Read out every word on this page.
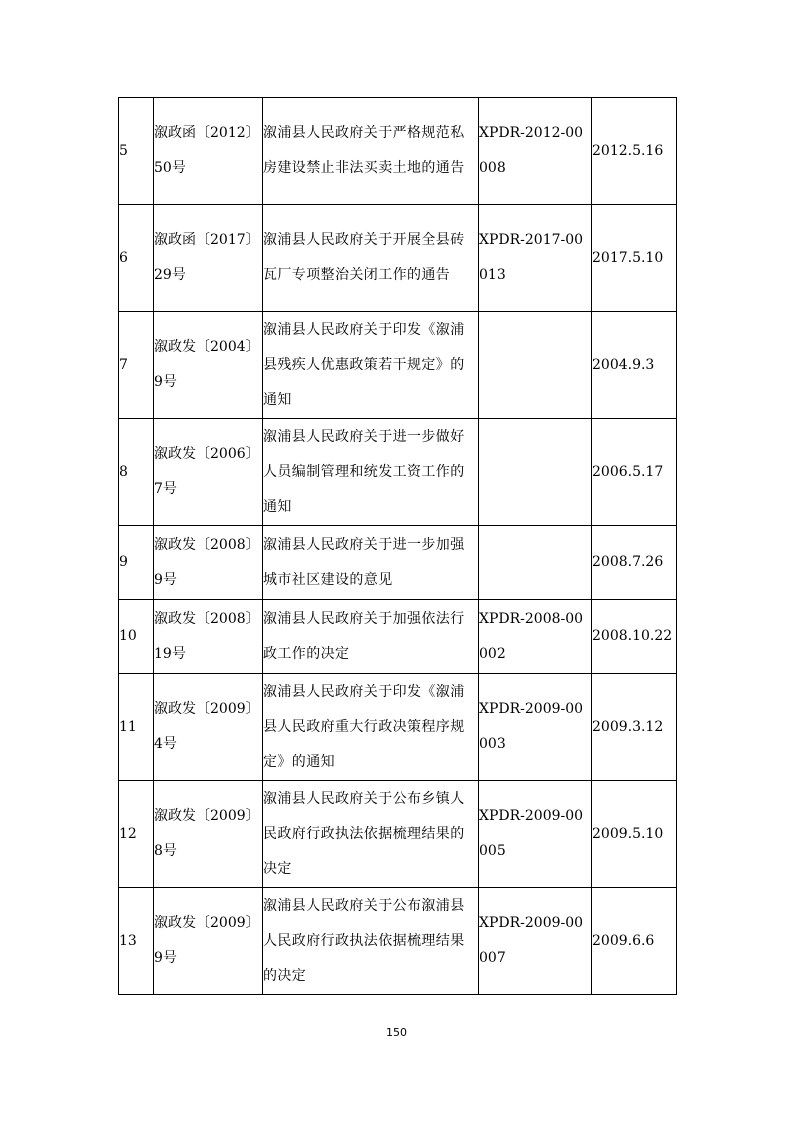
5	溆政函〔2012〕50号	溆浦县人民政府关于严格规范私房建设禁止非法买卖土地的通告	XPDR-2012-00008	2012.5.16
6	溆政函〔2017〕29号	溆浦县人民政府关于开展全县砖瓦厂专项整治关闭工作的通告	XPDR-2017-00013	2017.5.10
7	溆政发〔2004〕9号	溆浦县人民政府关于印发《溆浦县残疾人优惠政策若干规定》的通知		2004.9.3
8	溆政发〔2006〕7号	溆浦县人民政府关于进一步做好人员编制管理和统发工资工作的通知		2006.5.17
9	溆政发〔2008〕9号	溆浦县人民政府关于进一步加强城市社区建设的意见		2008.7.26
10	溆政发〔2008〕19号	溆浦县人民政府关于加强依法行政工作的决定	XPDR-2008-00002	2008.10.22
11	溆政发〔2009〕4号	溆浦县人民政府关于印发《溆浦县人民政府重大行政决策程序规定》的通知	XPDR-2009-00003	2009.3.12
12	溆政发〔2009〕8号	溆浦县人民政府关于公布乡镇人民政府行政执法依据梳理结果的决定	XPDR-2009-00005	2009.5.10
13	溆政发〔2009〕9号	溆浦县人民政府关于公布溆浦县人民政府行政执法依据梳理结果的决定	XPDR-2009-00007	2009.6.6
150
